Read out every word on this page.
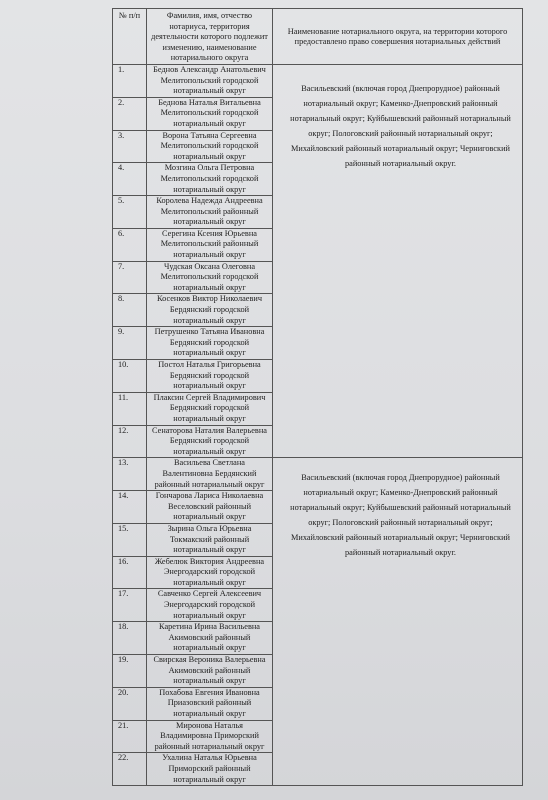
№ п/п	Фамилия, имя, отчество нотариуса, территория деятельности которого подлежит изменению, наименование нотариального округа	Наименование нотариального округа, на территории которого предоставлено право совершения нотариальных действий
1.	Беднов Александр Анатольевич Мелитопольский городской нотариальный округ	Васильевский (включая город Днепрорудное) районный нотариальный округ; Каменко-Днепровский районный нотариальный округ; Куйбышевский районный нотариальный округ; Пологовский районный нотариальный округ; Михайловский районный нотариальный округ; Черниговский районный нотариальный округ.
2.	Беднова Наталья Витальевна Мелитопольский городской нотариальный округ	
3.	Ворона Татьяна Сергеевна Мелитопольский городской нотариальный округ	
4.	Мозгина Ольга Петровна Мелитопольский городской нотариальный округ	
5.	Королева Надежда Андреевна Мелитопольский районный нотариальный округ	
6.	Серегина Ксения Юрьевна Мелитопольский районный нотариальный округ	
7.	Чудская Оксана Олеговна Мелитопольский городской нотариальный округ	
8.	Косенков Виктор Николаевич Бердянский городской нотариальный округ	
9.	Петрушенко Татьяна Ивановна Бердянский городской нотариальный округ	
10.	Постол Наталья Григорьевна Бердянский городской нотариальный округ	
11.	Плаксин Сергей Владимирович Бердянский городской нотариальный округ	
12.	Сенаторова Наталия Валерьевна Бердянский городской нотариальный округ	
13.	Васильева Светлана Валентиновна Бердянский районный нотариальный округ	Васильевский (включая город Днепрорудное) районный нотариальный округ; Каменко-Днепровский районный нотариальный округ; Куйбышевский районный нотариальный округ; Пологовский районный нотариальный округ; Михайловский районный нотариальный округ; Черниговский районный нотариальный округ.
14.	Гончарова Лариса Николаевна Веселовский районный нотариальный округ	
15.	Зырина Ольга Юрьевна Токмакский районный нотариальный округ	
16.	Жебелюк Виктория Андреевна Энергодарский городской нотариальный округ	
17.	Савченко Сергей Алексеевич Энергодарский городской нотариальный округ	
18.	Каретина Ирина Васильевна Акимовский районный нотариальный округ	
19.	Свирская Вероника Валерьевна Акимовский районный нотариальный округ	
20.	Похабова Евгения Ивановна Приазовский районный нотариальный округ	
21.	Миронова Наталья Владимировна Приморский районный нотариальный округ	
22.	Ухалина Наталья Юрьевна Приморский районный нотариальный округ	
